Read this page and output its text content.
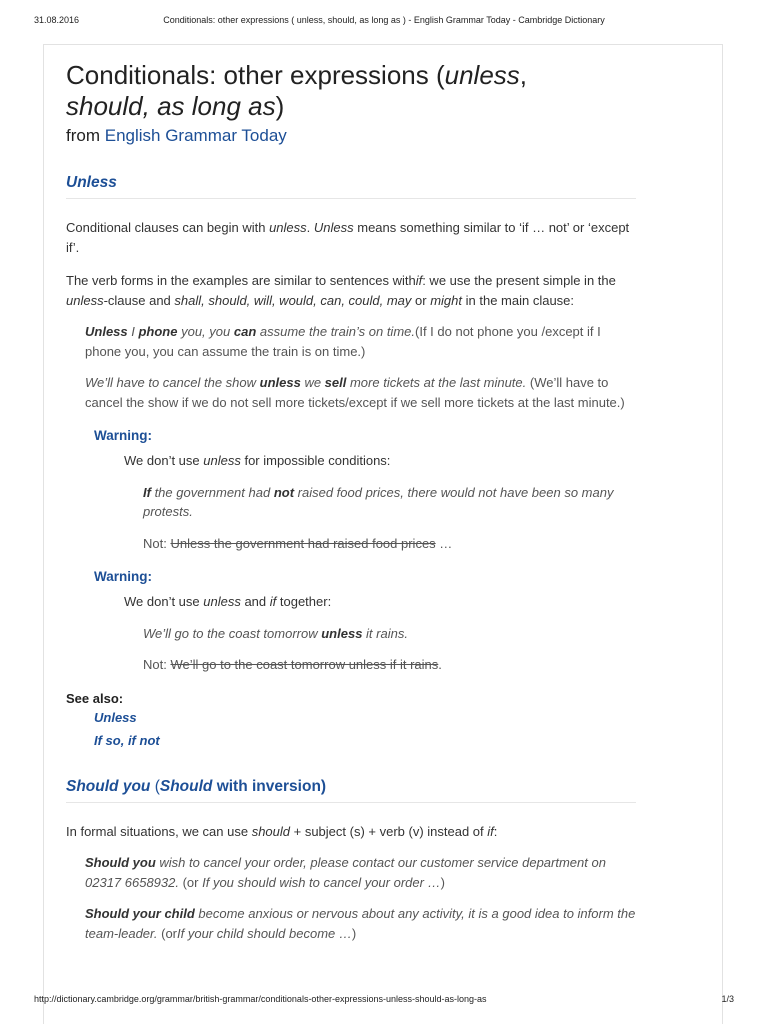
31.08.2016	Conditionals: other expressions ( unless, should, as long as ) - English Grammar Today - Cambridge Dictionary
Conditionals: other expressions (unless,
should, as long as)
from English Grammar Today
Unless

Conditional clauses can begin with unless. Unless means something similar to ‘if … not’ or ‘except if’.

The verb forms in the examples are similar to sentences withif: we use the present simple in the unless-clause and shall, should, will, would, can, could, may or might in the main clause:

Unless I phone you, you can assume the train’s on time.(If I do not phone you /except if I phone you, you can assume the train is on time.)
We’ll have to cancel the show unless we sell more tickets at the last minute. (We’ll have to cancel the show if we do not sell more tickets/except if we sell more tickets at the last minute.)
Warning:
We don’t use unless for impossible conditions:
If the government had not raised food prices, there would not have been so many protests.
Not: Unless the government had raised food prices …
Warning:
We don’t use unless and if together:
We’ll go to the coast tomorrow unless it rains.
Not: We’ll go to the coast tomorrow unless if it rains.
See also:
Unless
If so, if not
Should you (Should with inversion)

In formal situations, we can use should + subject (s) + verb (v) instead of if:

Should you wish to cancel your order, please contact our customer service department on 02317 6658932. (or If you should wish to cancel your order …)
Should your child become anxious or nervous about any activity, it is a good idea to inform the team-leader. (orIf your child should become …)
http://dictionary.cambridge.org/grammar/british-grammar/conditionals-other-expressions-unless-should-as-long-as	1/3
